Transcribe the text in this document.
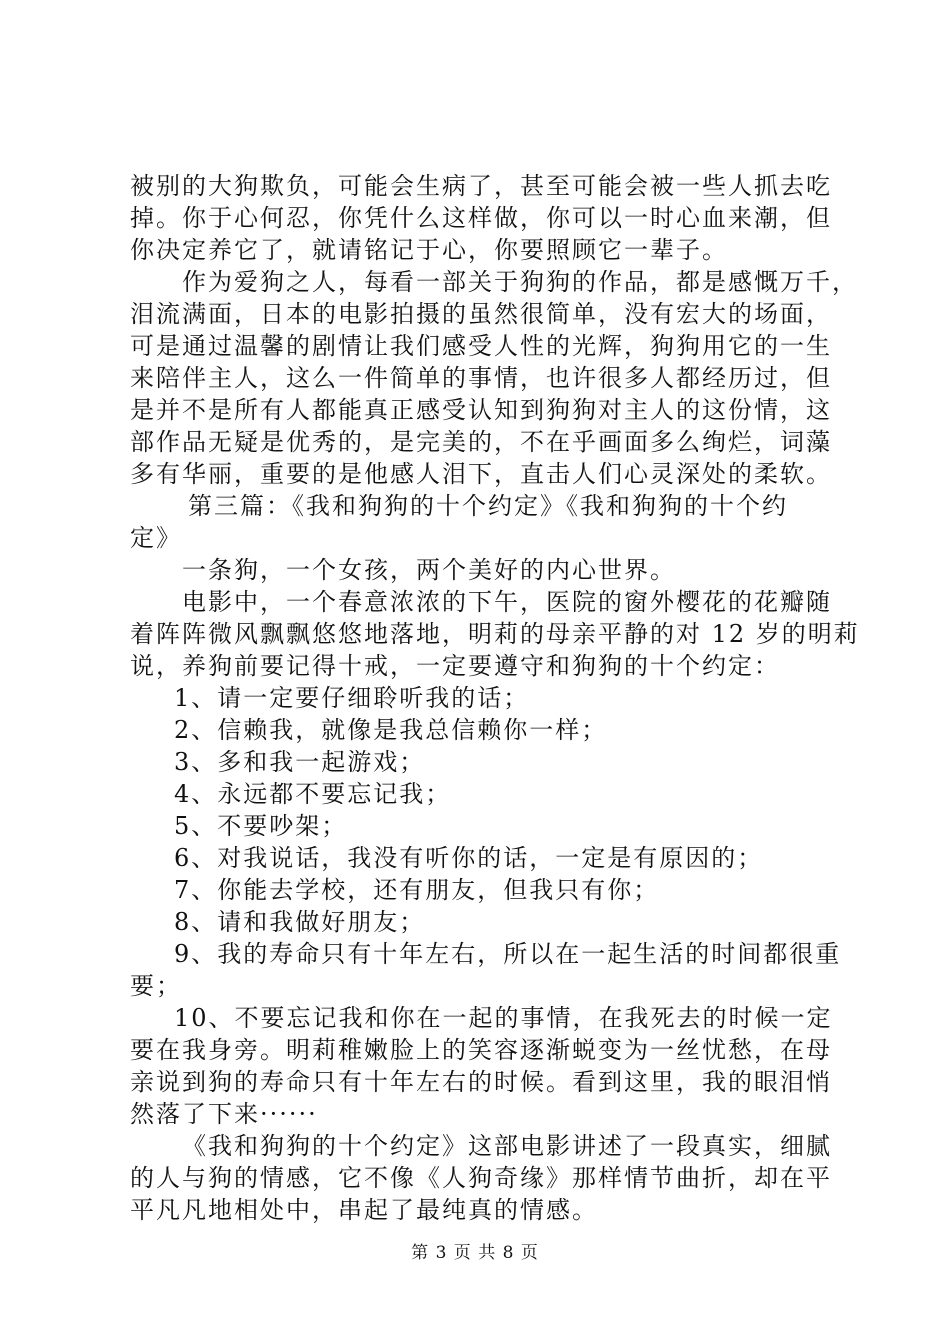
被别的大狗欺负，可能会生病了，甚至可能会被一些人抓去吃
掉。你于心何忍，你凭什么这样做，你可以一时心血来潮，但
你决定养它了，就请铭记于心，你要照顾它一辈子。
作为爱狗之人，每看一部关于狗狗的作品，都是感慨万千，
泪流满面，日本的电影拍摄的虽然很简单，没有宏大的场面，
可是通过温馨的剧情让我们感受人性的光辉，狗狗用它的一生
来陪伴主人，这么一件简单的事情，也许很多人都经历过，但
是并不是所有人都能真正感受认知到狗狗对主人的这份情，这
部作品无疑是优秀的，是完美的，不在乎画面多么绚烂，词藻
多有华丽，重要的是他感人泪下，直击人们心灵深处的柔软。
第三篇：《我和狗狗的十个约定》《我和狗狗的十个约
定》
一条狗，一个女孩，两个美好的内心世界。
电影中，一个春意浓浓的下午，医院的窗外樱花的花瓣随
着阵阵微风飘飘悠悠地落地，明莉的母亲平静的对 12 岁的明莉
说，养狗前要记得十戒，一定要遵守和狗狗的十个约定：
1、请一定要仔细聆听我的话；
2、信赖我，就像是我总信赖你一样；
3、多和我一起游戏；
4、永远都不要忘记我；
5、不要吵架；
6、对我说话，我没有听你的话，一定是有原因的；
7、你能去学校，还有朋友，但我只有你；
8、请和我做好朋友；
9、我的寿命只有十年左右，所以在一起生活的时间都很重
要；
10、不要忘记我和你在一起的事情，在我死去的时候一定
要在我身旁。明莉稚嫩脸上的笑容逐渐蜕变为一丝忧愁，在母
亲说到狗的寿命只有十年左右的时候。看到这里，我的眼泪悄
然落了下来······
《我和狗狗的十个约定》这部电影讲述了一段真实，细腻
的人与狗的情感，它不像《人狗奇缘》那样情节曲折，却在平
平凡凡地相处中，串起了最纯真的情感。
第 3 页 共 8 页
